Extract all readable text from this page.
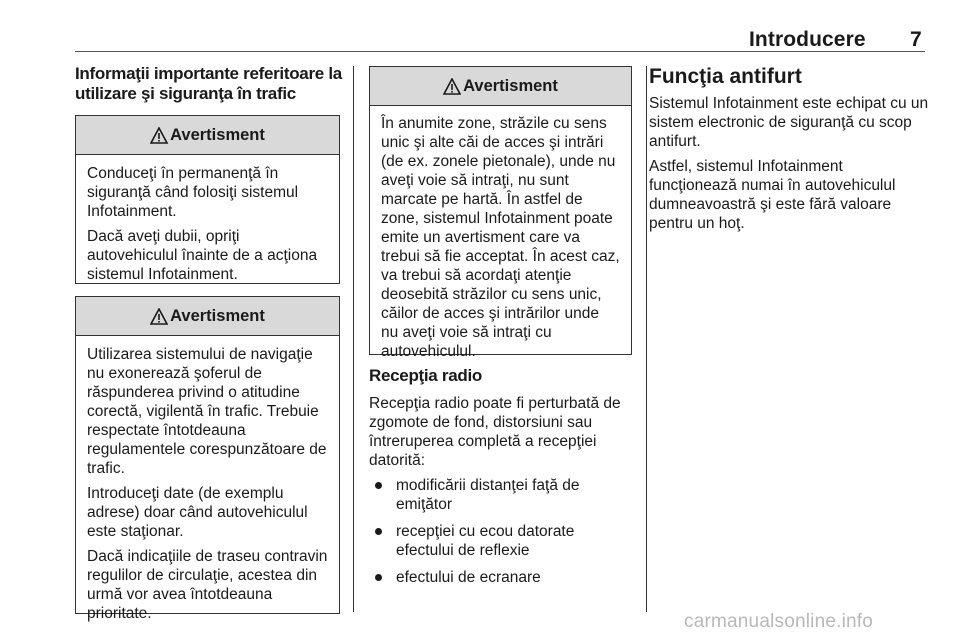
Introducere 7
Informaţii importante referitoare la utilizare şi siguranţa în trafic
Avertisment

Conduceţi în permanenţă în siguranţă când folosiţi sistemul Infotainment.

Dacă aveţi dubii, opriţi autovehiculul înainte de a acţiona sistemul Infotainment.

Avertisment

Utilizarea sistemului de navigaţie nu exonerează şoferul de răspunderea privind o atitudine corectă, vigilentă în trafic. Trebuie respectate întotdeauna regulamentele corespunzătoare de trafic.

Introduceţi date (de exemplu adrese) doar când autovehiculul este staţionar.

Dacă indicaţiile de traseu contravin regulilor de circulaţie, acestea din urmă vor avea întotdeauna prioritate.

Avertisment

În anumite zone, străzile cu sens unic şi alte căi de acces şi intrări (de ex. zonele pietonale), unde nu aveţi voie să intraţi, nu sunt marcate pe hartă. În astfel de zone, sistemul Infotainment poate emite un avertisment care va trebui să fie acceptat. În acest caz, va trebui să acordaţi atenţie deosebită străzilor cu sens unic, căilor de acces şi intrărilor unde nu aveţi voie să intraţi cu autovehiculul.

Recepţia radio

Recepţia radio poate fi perturbată de zgomote de fond, distorsiuni sau întreruperea completă a recepţiei datorită:

modificării distanţei faţă de emiţător
recepţiei cu ecou datorate efectului de reflexie
efectului de ecranare
Funcţia antifurt

Sistemul Infotainment este echipat cu un sistem electronic de siguranţă cu scop antifurt.

Astfel, sistemul Infotainment funcţionează numai în autovehiculul dumneavoastră şi este fără valoare pentru un hoţ.

carmanualsonline.info
